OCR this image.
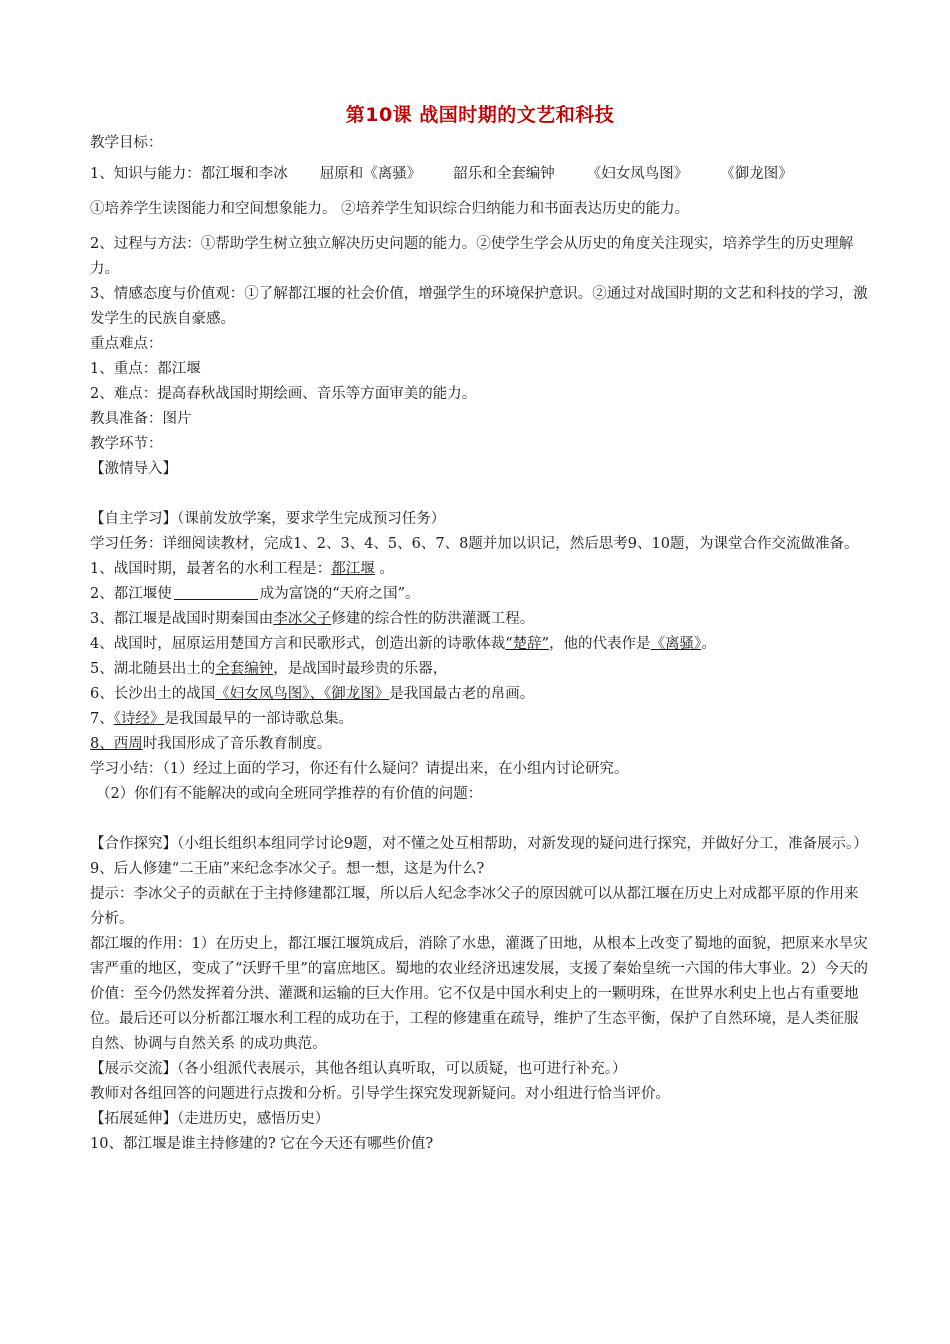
第10课 战国时期的文艺和科技
教学目标：
1、知识与能力：都江堰和李冰 屈原和《离骚》 韶乐和全套编钟 《妇女凤鸟图》 《御龙图》
①培养学生读图能力和空间想象能力。 ②培养学生知识综合归纳能力和书面表达历史的能力。
2、过程与方法：①帮助学生树立独立解决历史问题的能力。②使学生学会从历史的角度关注现实，培养学生的历史理解力。
3、情感态度与价值观：①了解都江堰的社会价值，增强学生的环境保护意识。②通过对战国时期的文艺和科技的学习，激发学生的民族自豪感。
重点难点：
1、重点：都江堰
2、难点：提高春秋战国时期绘画、音乐等方面审美的能力。
教具准备：图片
教学环节：
【激情导入】
【自主学习】（课前发放学案，要求学生完成预习任务）
学习任务：详细阅读教材，完成1、2、3、4、5、6、7、8题并加以识记，然后思考9、10题，为课堂合作交流做准备。
1、战国时期，最著名的水利工程是：都江堰 。
2、都江堰使	成为富饶的“天府之国”。
3、都江堰是战国时期秦国由李冰父子修建的综合性的防洪灌溉工程。
4、战国时，屈原运用楚国方言和民歌形式，创造出新的诗歌体裁“楚辞”，他的代表作是《离骚》。
5、湖北随县出土的全套编钟，是战国时最珍贵的乐器，
6、长沙出土的战国《妇女凤鸟图》、《御龙图》是我国最古老的帛画。
7、《诗经》是我国最早的一部诗歌总集。
8、西周时我国形成了音乐教育制度。
学习小结：（1）经过上面的学习，你还有什么疑问？请提出来，在小组内讨论研究。
（2）你们有不能解决的或向全班同学推荐的有价值的问题：
【合作探究】（小组长组织本组同学讨论9题，对不懂之处互相帮助，对新发现的疑问进行探究，并做好分工，准备展示。）
9、后人修建“二王庙”来纪念李冰父子。想一想，这是为什么?
提示：李冰父子的贡献在于主持修建都江堰，所以后人纪念李冰父子的原因就可以从都江堰在历史上对成都平原的作用来分析。
都江堰的作用：1）在历史上，都江堰江堰筑成后，消除了水患，灌溉了田地，从根本上改变了蜀地的面貌，把原来水旱灾害严重的地区，变成了“沃野千里”的富庶地区。蜀地的农业经济迅速发展，支援了秦始皇统一六国的伟大事业。2）今天的价值：至今仍然发挥着分洪、灌溉和运输的巨大作用。它不仅是中国水利史上的一颗明珠，在世界水利史上也占有重要地位。最后还可以分析都江堰水利工程的成功在于，工程的修建重在疏导，维护了生态平衡，保护了自然环境，是人类征服自然、协调与自然关系 的成功典范。
【展示交流】（各小组派代表展示，其他各组认真听取，可以质疑，也可进行补充。）
教师对各组回答的问题进行点拨和分析。引导学生探究发现新疑问。对小组进行恰当评价。
【拓展延伸】（走进历史，感悟历史）
10、都江堰是谁主持修建的? 它在今天还有哪些价值?
